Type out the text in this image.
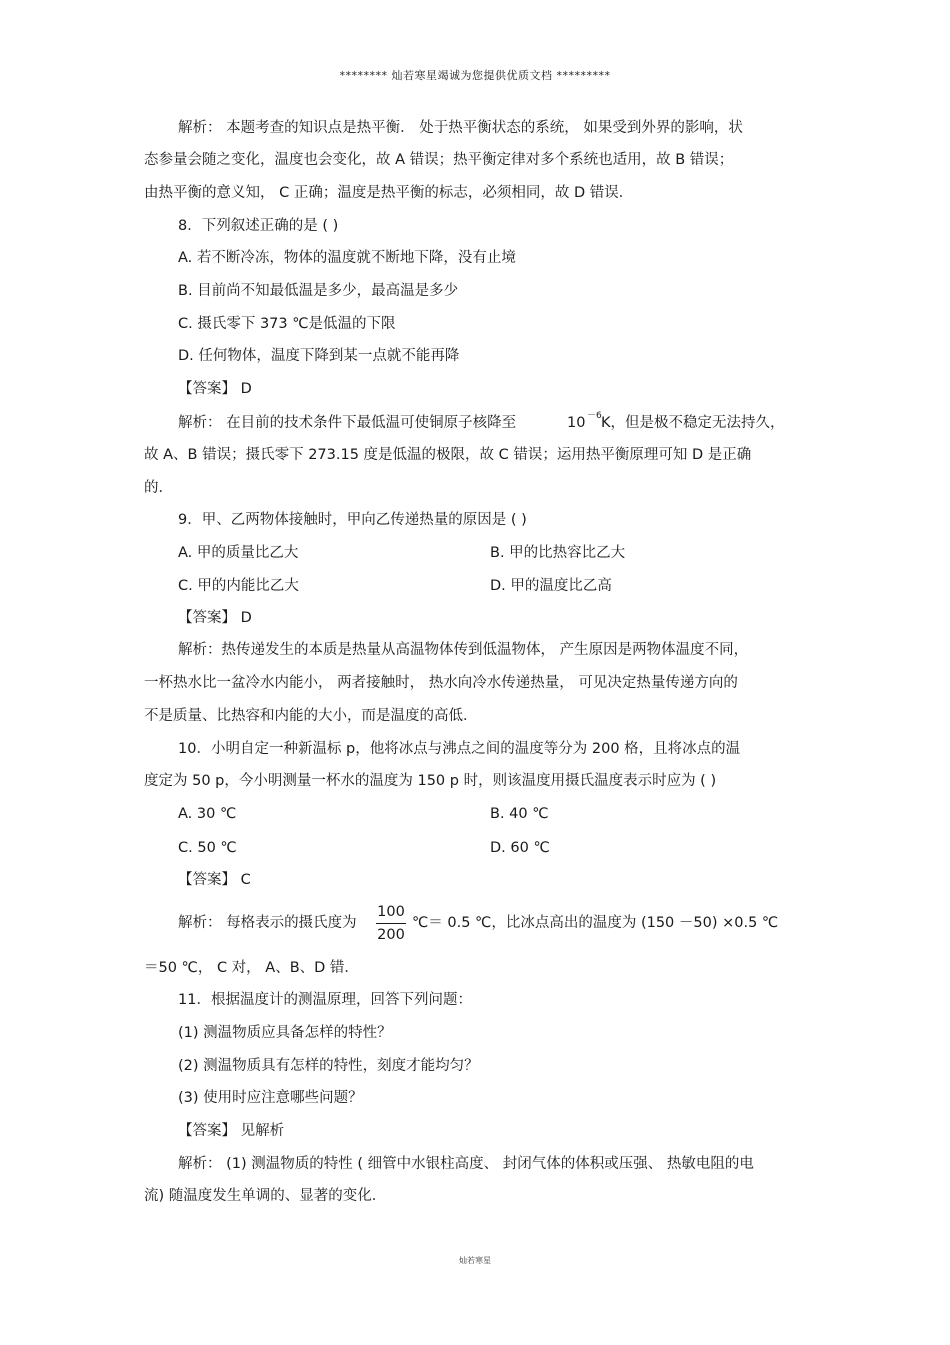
******** 灿若寒星竭诚为您提供优质文档 *********
解析： 本题考查的知识点是热平衡． 处于热平衡状态的系统， 如果受到外界的影响，状
态参量会随之变化，温度也会变化，故 A 错误；热平衡定律对多个系统也适用，故 B 错误；
由热平衡的意义知， C 正确；温度是热平衡的标志，必须相同，故 D 错误．
8．下列叙述正确的是 ( )
A. 若不断冷冻，物体的温度就不断地下降，没有止境
B. 目前尚不知最低温是多少，最高温是多少
C. 摄氏零下 373 ℃是低温的下限
D. 任何物体，温度下降到某一点就不能再降
【答案】 D
解析： 在目前的技术条件下最低温可使铜原子核降至	10 －6 K，但是极不稳定无法持久，
故 A、B 错误；摄氏零下 273.15 度是低温的极限，故 C 错误；运用热平衡原理可知 D 是正确
的．
9．甲、乙两物体接触时，甲向乙传递热量的原因是 ( )
A. 甲的质量比乙大	B. 甲的比热容比乙大
C. 甲的内能比乙大	D. 甲的温度比乙高
【答案】 D
解析：热传递发生的本质是热量从高温物体传到低温物体， 产生原因是两物体温度不同，
一杯热水比一盆冷水内能小， 两者接触时， 热水向冷水传递热量， 可见决定热量传递方向的
不是质量、比热容和内能的大小，而是温度的高低．
10．小明自定一种新温标 p，他将冰点与沸点之间的温度等分为 200 格，且将冰点的温
度定为 50 p，今小明测量一杯水的温度为 150 p 时，则该温度用摄氏温度表示时应为 ( )
A. 30 ℃	B. 40 ℃
C. 50 ℃	D. 60 ℃
【答案】 C
解析： 每格表示的摄氏度为
100
200
℃＝ 0.5 ℃，比冰点高出的温度为 (150 －50) ×0.5 ℃
＝50 ℃， C 对， A、B、D 错．
11．根据温度计的测温原理，回答下列问题：
(1) 测温物质应具备怎样的特性？
(2) 测温物质具有怎样的特性，刻度才能均匀？
(3) 使用时应注意哪些问题？
【答案】 见解析
解析： (1) 测温物质的特性 ( 细管中水银柱高度、 封闭气体的体积或压强、 热敏电阻的电
流) 随温度发生单调的、显著的变化．
灿若寒星
